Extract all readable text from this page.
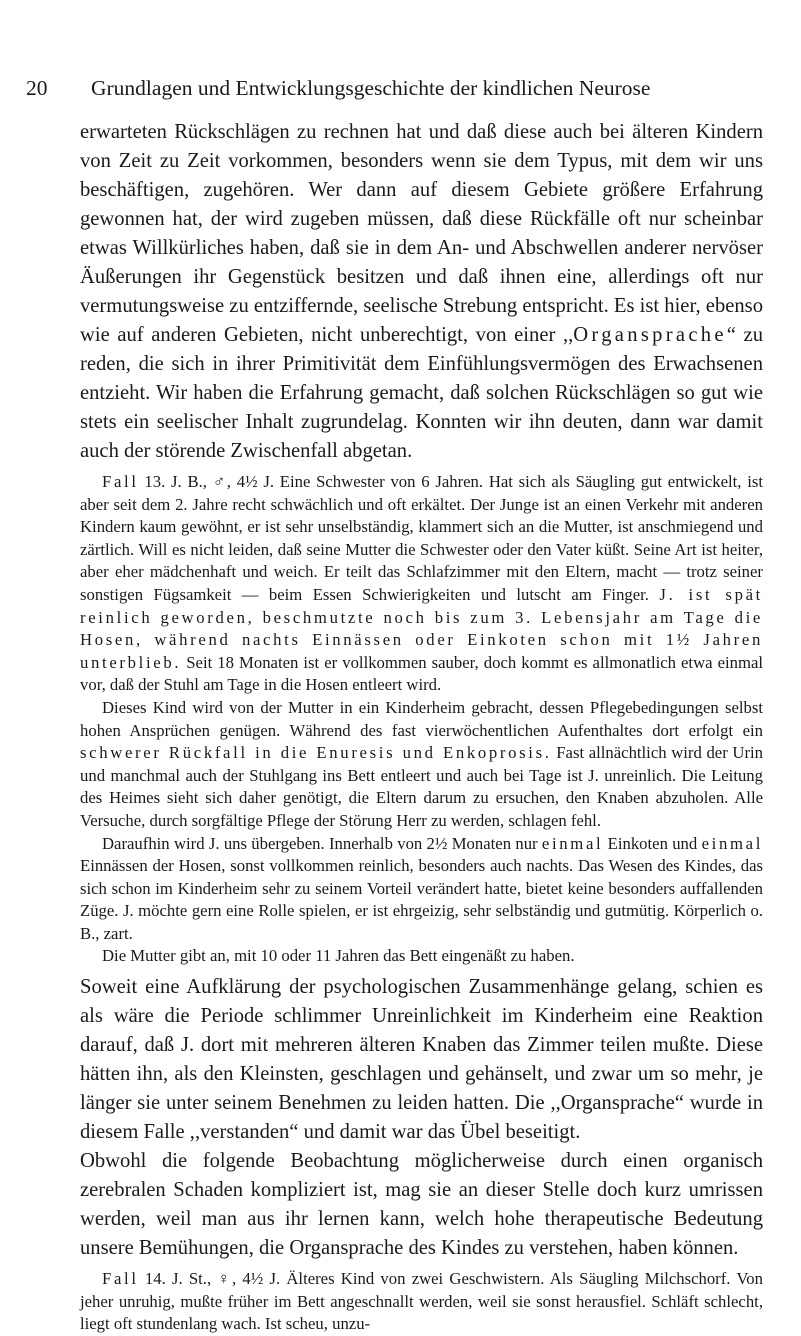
20 Grundlagen und Entwicklungsgeschichte der kindlichen Neurose

erwarteten Rückschlägen zu rechnen hat und daß diese auch bei älteren Kindern von Zeit zu Zeit vorkommen, besonders wenn sie dem Typus, mit dem wir uns beschäftigen, zugehören. Wer dann auf diesem Gebiete größere Erfahrung gewonnen hat, der wird zugeben müssen, daß diese Rückfälle oft nur scheinbar etwas Willkürliches haben, daß sie in dem An- und Abschwellen anderer nervöser Äußerungen ihr Gegenstück besitzen und daß ihnen eine, allerdings oft nur vermutungsweise zu entziffernde, seelische Strebung entspricht. Es ist hier, ebenso wie auf anderen Gebieten, nicht unberechtigt, von einer ,,Organsprache“ zu reden, die sich in ihrer Primitivität dem Einfühlungsvermögen des Erwachsenen entzieht. Wir haben die Erfahrung gemacht, daß solchen Rückschlägen so gut wie stets ein seelischer Inhalt zugrundelag. Konnten wir ihn deuten, dann war damit auch der störende Zwischenfall abgetan.

Fall 13. J. B., ♂, 4½ J. Eine Schwester von 6 Jahren. Hat sich als Säugling gut entwickelt, ist aber seit dem 2. Jahre recht schwächlich und oft erkältet. Der Junge ist an einen Verkehr mit anderen Kindern kaum gewöhnt, er ist sehr unselbständig, klammert sich an die Mutter, ist anschmiegend und zärtlich. Will es nicht leiden, daß seine Mutter die Schwester oder den Vater küßt. Seine Art ist heiter, aber eher mädchenhaft und weich. Er teilt das Schlafzimmer mit den Eltern, macht — trotz seiner sonstigen Fügsamkeit — beim Essen Schwierigkeiten und lutscht am Finger. J. ist spät reinlich geworden, beschmutzte noch bis zum 3. Lebensjahr am Tage die Hosen, während nachts Einnässen oder Einkoten schon mit 1½ Jahren unterblieb. Seit 18 Monaten ist er vollkommen sauber, doch kommt es allmonatlich etwa einmal vor, daß der Stuhl am Tage in die Hosen entleert wird.

Dieses Kind wird von der Mutter in ein Kinderheim gebracht, dessen Pflegebedingungen selbst hohen Ansprüchen genügen. Während des fast vierwöchentlichen Aufenthaltes dort erfolgt ein schwerer Rückfall in die Enuresis und Enkoprosis. Fast allnächtlich wird der Urin und manchmal auch der Stuhlgang ins Bett entleert und auch bei Tage ist J. unreinlich. Die Leitung des Heimes sieht sich daher genötigt, die Eltern darum zu ersuchen, den Knaben abzuholen. Alle Versuche, durch sorgfältige Pflege der Störung Herr zu werden, schlagen fehl.

Daraufhin wird J. uns übergeben. Innerhalb von 2½ Monaten nur einmal Einkoten und einmal Einnässen der Hosen, sonst vollkommen reinlich, besonders auch nachts. Das Wesen des Kindes, das sich schon im Kinderheim sehr zu seinem Vorteil verändert hatte, bietet keine besonders auffallenden Züge. J. möchte gern eine Rolle spielen, er ist ehrgeizig, sehr selbständig und gutmütig. Körperlich o. B., zart.

Die Mutter gibt an, mit 10 oder 11 Jahren das Bett eingenäßt zu haben.

Soweit eine Aufklärung der psychologischen Zusammenhänge gelang, schien es als wäre die Periode schlimmer Unreinlichkeit im Kinderheim eine Reaktion darauf, daß J. dort mit mehreren älteren Knaben das Zimmer teilen mußte. Diese hätten ihn, als den Kleinsten, geschlagen und gehänselt, und zwar um so mehr, je länger sie unter seinem Benehmen zu leiden hatten. Die ,,Organsprache“ wurde in diesem Falle ,,verstanden“ und damit war das Übel beseitigt.

Obwohl die folgende Beobachtung möglicherweise durch einen organisch zerebralen Schaden kompliziert ist, mag sie an dieser Stelle doch kurz umrissen werden, weil man aus ihr lernen kann, welch hohe therapeutische Bedeutung unsere Bemühungen, die Organsprache des Kindes zu verstehen, haben können.

Fall 14. J. St., ♀, 4½ J. Älteres Kind von zwei Geschwistern. Als Säugling Milchschorf. Von jeher unruhig, mußte früher im Bett angeschnallt werden, weil sie sonst herausfiel. Schläft schlecht, liegt oft stundenlang wach. Ist scheu, unzu-
